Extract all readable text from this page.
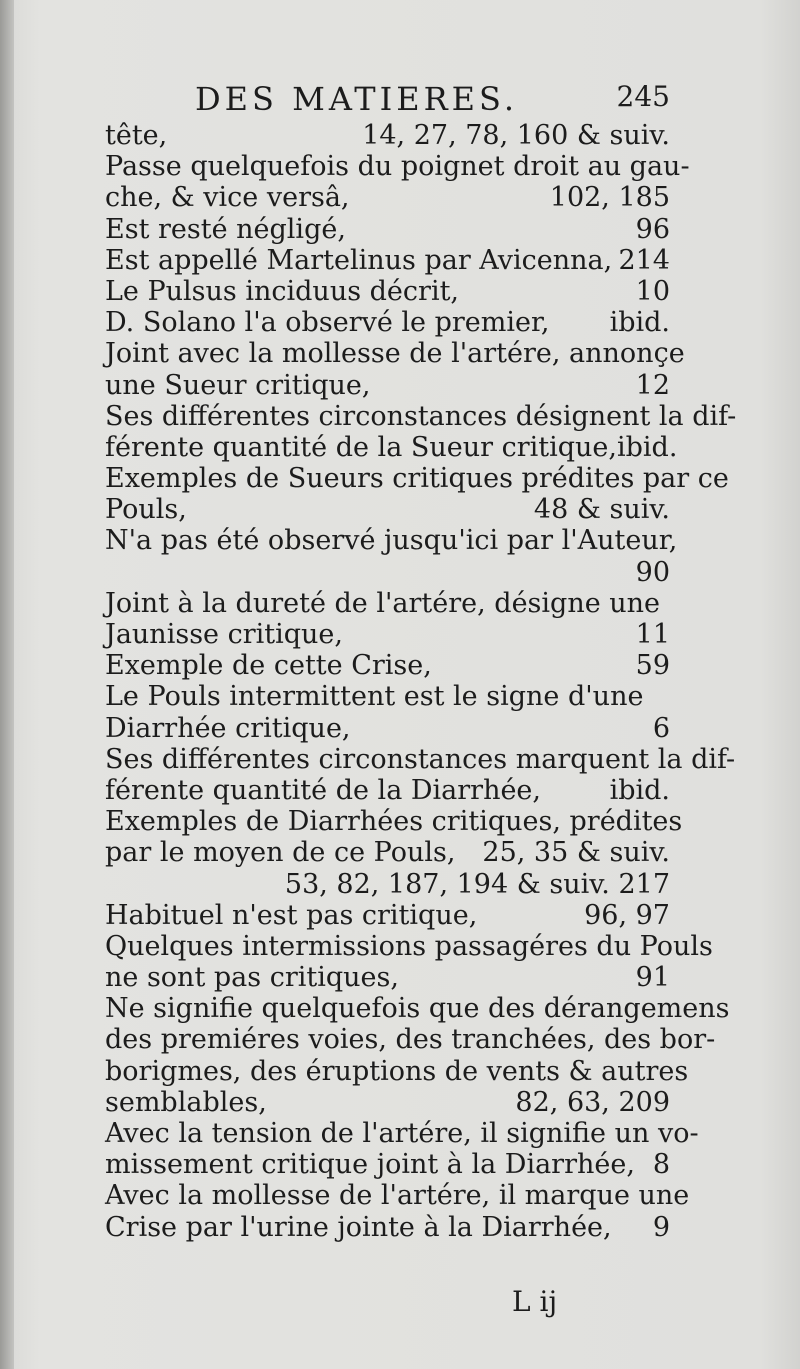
DES MATIERES.	245
tête,	14, 27, 78, 160 & suiv.
Passe quelquefois du poignet droit au gau-
che, & vice versâ,	102, 185
Est resté négligé,	96
Est appellé Martelinus par Avicenna, 214
Le Pulsus inciduus décrit,	10
D. Solano l'a observé le premier, ibid.
Joint avec la mollesse de l'artére, annonçe
une Sueur critique,	12
Ses différentes circonstances désignent la dif-
férente quantité de la Sueur critique, ibid.
Exemples de Sueurs critiques prédites par ce
Pouls,	48 & suiv.
N'a pas été observé jusqu'ici par l'Auteur,
90
Joint à la dureté de l'artére, désigne une
Jaunisse critique,	11
Exemple de cette Crise,	59
Le Pouls intermittent est le signe d'une
Diarrhée critique,	6
Ses différentes circonstances marquent la dif-
férente quantité de la Diarrhée,	ibid.
Exemples de Diarrhées critiques, prédites
par le moyen de ce Pouls, 25, 35 & suiv.
53, 82, 187, 194 & suiv. 217
Habituel n'est pas critique,	96, 97
Quelques intermissions passagéres du Pouls
ne sont pas critiques,	91
Ne signifie quelquefois que des dérangemens
des premiéres voies, des tranchées, des bor-
borigmes, des éruptions de vents & autres
semblables,	82, 63, 209
Avec la tension de l'artére, il signifie un vo-
missement critique joint à la Diarrhée, 8
Avec la mollesse de l'artére, il marque une
Crise par l'urine jointe à la Diarrhée, 9
L ij
